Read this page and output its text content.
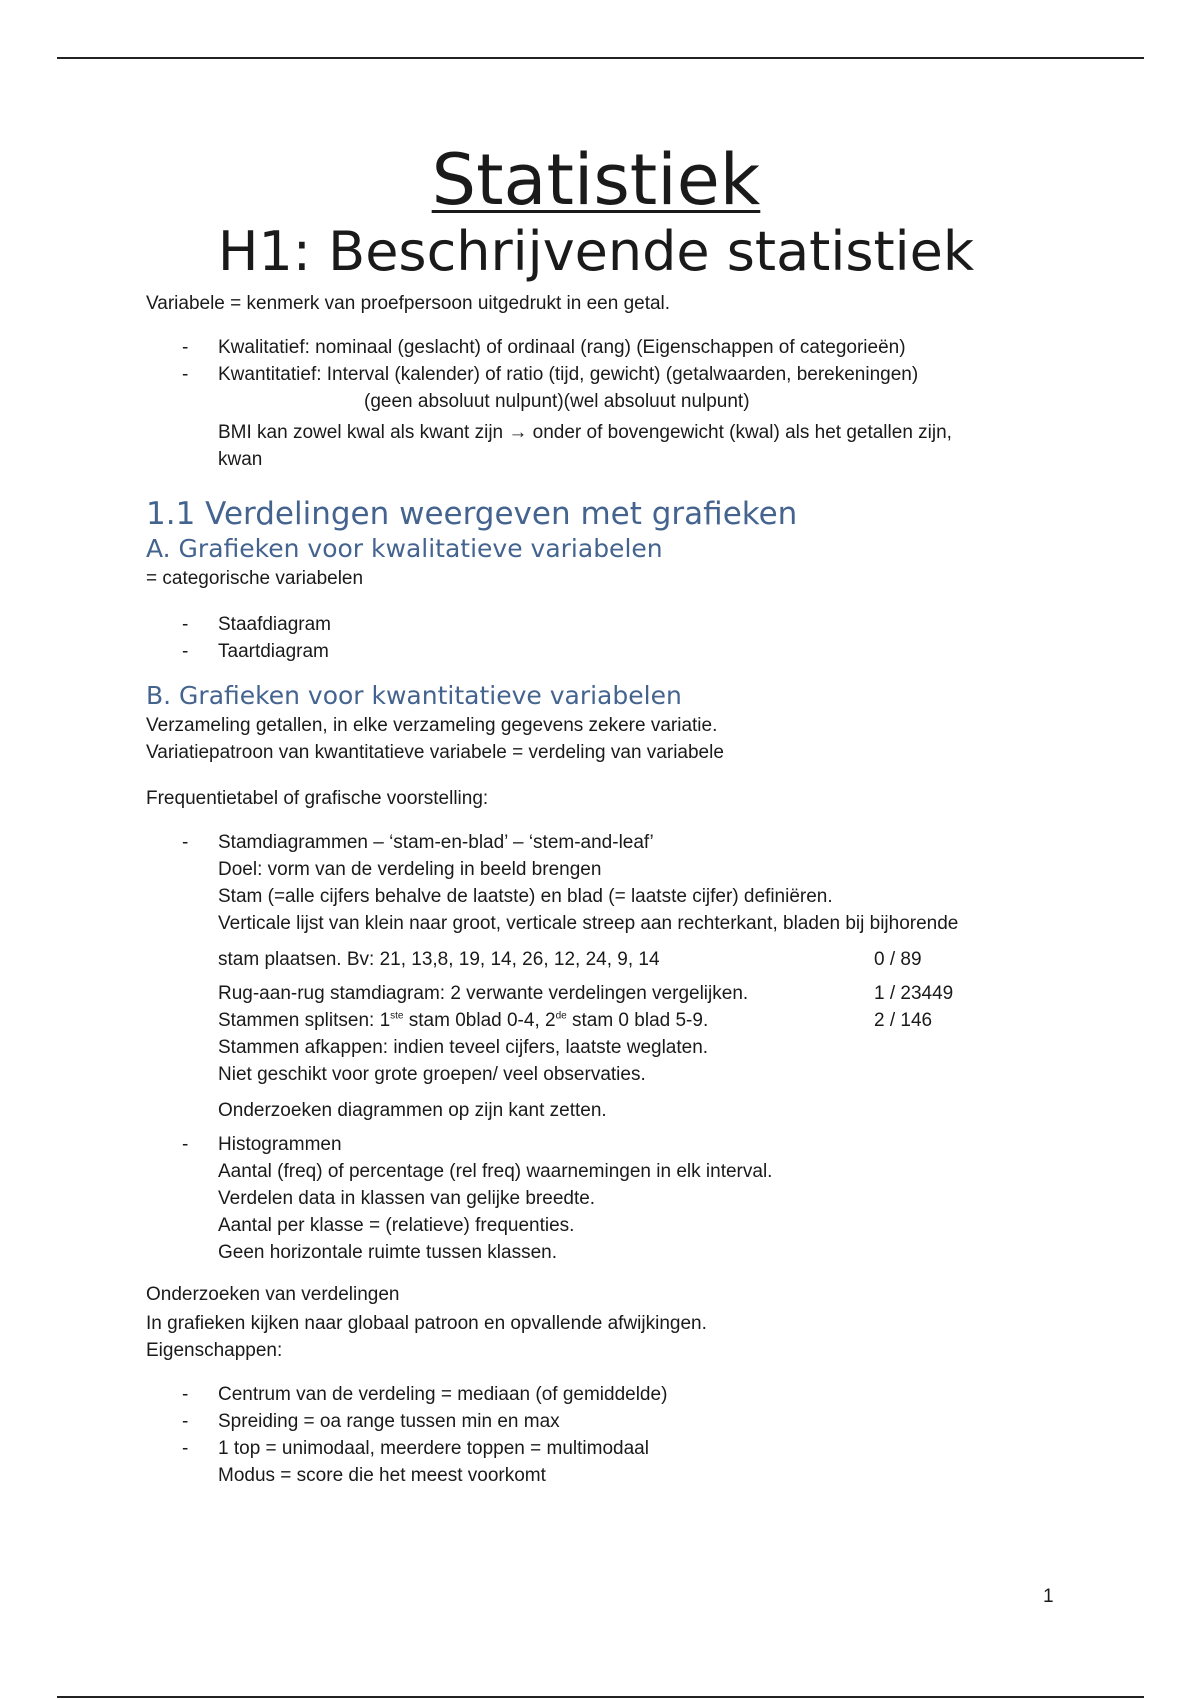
Statistiek
H1: Beschrijvende statistiek

Variabele = kenmerk van proefpersoon uitgedrukt in een getal.

- Kwalitatief: nominaal (geslacht) of ordinaal (rang) (Eigenschappen of categorieën)
- Kwantitatief: Interval (kalender) of ratio (tijd, gewicht) (getalwaarden, berekeningen)

(geen absoluut nulpunt)(wel absoluut nulpunt)

BMI kan zowel kwal als kwant zijn → onder of bovengewicht (kwal) als het getallen zijn,

kwan

1.1 Verdelingen weergeven met grafieken
A. Grafieken voor kwalitatieve variabelen

= categorische variabelen

- Staafdiagram
- Taartdiagram
B. Grafieken voor kwantitatieve variabelen

Verzameling getallen, in elke verzameling gegevens zekere variatie.

Variatiepatroon van kwantitatieve variabele = verdeling van variabele

Frequentietabel of grafische voorstelling:

- Stamdiagrammen – ‘stam-en-blad’ – ‘stem-and-leaf’
Doel: vorm van de verdeling in beeld brengen
Stam (=alle cijfers behalve de laatste) en blad (= laatste cijfer) definiëren.
Verticale lijst van klein naar groot, verticale streep aan rechterkant, bladen bij bijhorende
stam plaatsen. Bv: 21, 13,8, 19, 14, 26, 12, 24, 9, 14	0 / 89
Rug-aan-rug stamdiagram: 2 verwante verdelingen vergelijken.	1 / 23449
Stammen splitsen: 1ste stam 0blad 0-4, 2de stam 0 blad 5-9.	2 / 146
Stammen afkappen: indien teveel cijfers, laatste weglaten.
Niet geschikt voor grote groepen/ veel observaties.
Onderzoeken diagrammen op zijn kant zetten.
- Histogrammen
Aantal (freq) of percentage (rel freq) waarnemingen in elk interval.
Verdelen data in klassen van gelijke breedte.
Aantal per klasse = (relatieve) frequenties.
Geen horizontale ruimte tussen klassen.

Onderzoeken van verdelingen

In grafieken kijken naar globaal patroon en opvallende afwijkingen.

Eigenschappen:

- Centrum van de verdeling = mediaan (of gemiddelde)
- Spreiding = oa range tussen min en max
- 1 top = unimodaal, meerdere toppen = multimodaal

Modus = score die het meest voorkomt

1
